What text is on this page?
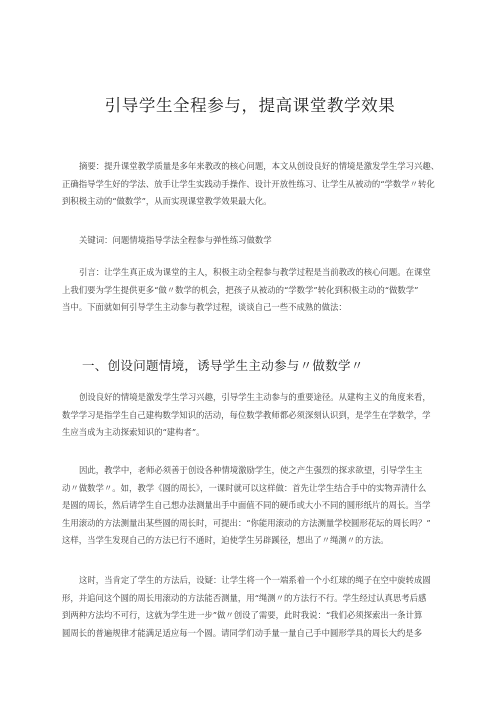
引导学生全程参与，提高课堂教学效果
摘要：提升课堂教学质量是多年来教改的核心问题，本文从创设良好的情境是激发学生学习兴趣、
正确指导学生好的学法、放手让学生实践动手操作、设计开放性练习、让学生从被动的“学数学〃转化
到积极主动的“做数学”，从而实现课堂教学效果最大化。
关键词：问题情境指导学法全程参与弹性练习做数学
引言：让学生真正成为课堂的主人，积极主动全程参与教学过程是当前教改的核心问题。在课堂
上我们要为学生提供更多“做〃数学的机会，把孩子从被动的“学数学”转化到积极主动的“做数学”
当中。下面就如何引导学生主动参与教学过程，谈谈自己一些不成熟的做法：
一、创设问题情境，诱导学生主动参与〃做数学〃
创设良好的情境是激发学生学习兴趣，引导学生主动参与的重要途径。从建构主义的角度来看，
数学学习是指学生自己建构数学知识的活动，每位数学教师都必须深刻认识到，是学生在学数学，学
生应当成为主动探索知识的“建构者”。
因此，教学中，老师必须善于创设各种情境激励学生，使之产生强烈的探求欲望，引导学生主
动〃做数学〃。如，教学《圆的周长》，一课时就可以这样做：首先让学生结合手中的实物弄清什么
是圆的周长，然后请学生自己想办法测量出手中面值不同的硬币或大小不同的圆形纸片的周长。当学
生用滚动的方法测量出某些圆的周长时，可提出：“你能用滚动的方法测量学校圆形花坛的周长吗？”
这样，当学生发现自己的方法已行不通时，迫使学生另辟蹊径，想出了〃绳测〃的方法。
这时，当肯定了学生的方法后，设疑：让学生将一个一端系着一个小红球的绳子在空中旋转成圆
形，并追问这个圆的周长用滚动的方法能否测量，用“绳测〃的方法行不行。学生经过认真思考后感
到两种方法均不可行，这就为学生进一步”做〃创设了需要，此时我说：“我们必须探索出一条计算
圆周长的普遍规律才能满足适应每一个圆。请同学们动手量一量自己手中圆形学具的周长大约是多
